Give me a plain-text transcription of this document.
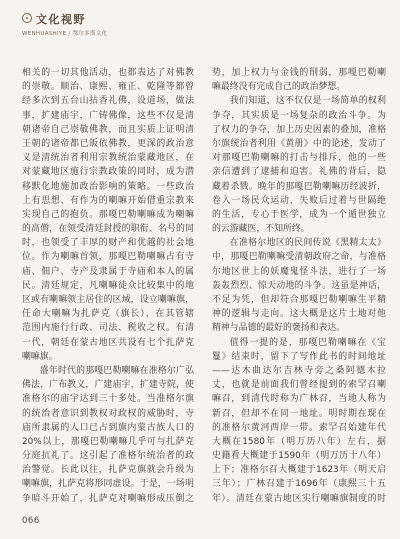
文化视野
WENHUASHIYE / 鄂尔多斯文化
相关的一切其他活动，也都表达了对佛教
的崇敬。顺治、康熙、雍正、乾隆等都曾
经多次到五台山拈香礼佛，设道场，做法
事，扩建庙宇，广铸佛像，这些不仅是清
朝诸帝自己崇敬佛教，而且实质上证明清
王朝的诸帝都已皈依佛教，更深的政治意
义是清统治者利用宗教统治蒙藏地区，在
对蒙藏地区施行宗教政策的同时，成为潜
移默化地施加政治影响的策略。一些政治
上有思想、有作为的喇嘛开始借重宗教来
实现自己的抱负。那嘎巴勒喇嘛成为喇嘛
的高僧，在领受清廷封授的职衔、名号的同
时，也领受了丰厚的财产和优越的社会地
位。作为喇嘛首领，那嘎巴勒喇嘛占有寺
庙、佃户、寺产及隶属于寺庙和本人的属
民。清廷规定，凡喇嘛徒众比较集中的地
区或有喇嘛领主居住的区域，设立喇嘛旗，
任命大喇嘛为扎萨克（旗长），在其管辖
范围内施行行政、司法、税收之权。有清
一代，朝廷在蒙古地区共设有七个扎萨克
喇嘛旗。
盛年时代的那嘎巴勒喇嘛在准格尔广弘
佛法，广布教义，广建庙宇，扩建寺院，使
准格尔的庙宇达到三十多处。当准格尔旗
的统治者意识到教权对政权的威胁时，寺
庙所隶属的人口已占到旗内蒙古族人口的
20%以上，那嘎巴勒喇嘛几乎可与扎萨克
分庭抗礼了。这引起了准格尔统治者的政
治警觉。长此以往，扎萨克旗就会升级为
喇嘛旗，扎萨克将形同虚设。于是，一场明
争暗斗开始了，扎萨克对喇嘛形成压倒之
势，加上权力与金钱的削弱，那嘎巴勒喇
嘛最终没有完成自己的政治梦想。
我们知道，这不仅仅是一场简单的权利
争夺，其实质是一场复杂的政治斗争。为
了权力的争夺，加上历史因素的叠加，准格
尔旗统治者利用《黄册》中的论述，发动了
对那嘎巴勒喇嘛的打击与排斥，他的一些
亲信遭到了逮捕和迫害。礼佛的背后，隐
藏着杀戮。晚年的那嘎巴勒喇嘛历经波折，
卷入一场民众运动，失败后过着与世隔绝
的生活，专心于医学，成为一个遁世独立
的云游藏医，不知所终。
在准格尔地区的民间传说《黑精太太》
中，那嘎巴勒喇嘛受清朝政府之命，与准格
尔地区世上的妖魔鬼怪斗法，进行了一场
轰轰烈烈、惊天动地的斗争。这虽是神话，
不足为凭，但却符合那嘎巴勒喇嘛生平精
神的逻辑与走向。这大概是这片土地对他
精神与品德的最好的褒扬和表达。
值得一提的是，那嘎巴勒喇嘛在《宝
鬘》结束时，留下了写作此书的时间地址
——达木曲达尔吉林寺旁之桑阿德木拉
丈，也就是前面我们曾经提到的索罕召喇
嘛召，到清代时称为广林召，当地人称为
新召，但却不在同一地址。明时期在现在
的准格尔黄河西岸一带。索罕召始建年代
大概在1580年（明万历八年）左右，据
史籍看大概建于1590年（明万历十八年）
上下；准格尔召大概建于1623年（明天启
三年）；广林召建于1696年（康熙三十五
年）。清廷在蒙古地区实行喇嘛旗制度的时
066
